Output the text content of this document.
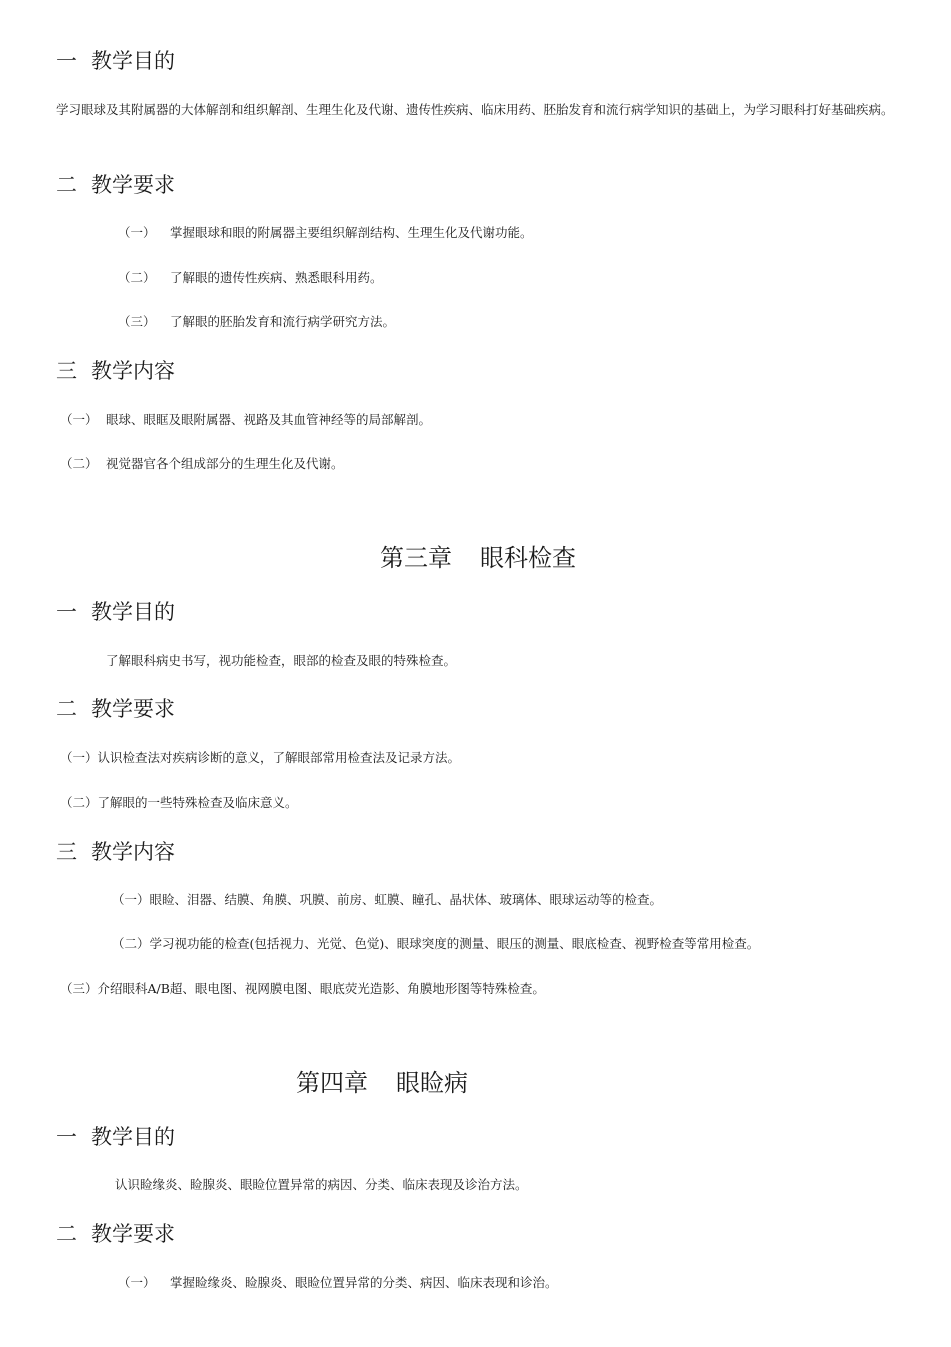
一 教学目的
学习眼球及其附属器的大体解剖和组织解剖、生理生化及代谢、遗传性疾病、临床用药、胚胎发育和流行病学知识的基础上，为学习眼科打好基础疾病。
二 教学要求
（一） 掌握眼球和眼的附属器主要组织解剖结构、生理生化及代谢功能。
（二） 了解眼的遗传性疾病、熟悉眼科用药。
（三） 了解眼的胚胎发育和流行病学研究方法。
三 教学内容
（一） 眼球、眼眶及眼附属器、视路及其血管神经等的局部解剖。
（二） 视觉器官各个组成部分的生理生化及代谢。
第三章 眼科检查
一 教学目的
了解眼科病史书写，视功能检查，眼部的检查及眼的特殊检查。
二 教学要求
（一）认识检查法对疾病诊断的意义，了解眼部常用检查法及记录方法。
（二）了解眼的一些特殊检查及临床意义。
三 教学内容
（一）眼睑、泪器、结膜、角膜、巩膜、前房、虹膜、瞳孔、晶状体、玻璃体、眼球运动等的检查。
（二）学习视功能的检查(包括视力、光觉、色觉)、眼球突度的测量、眼压的测量、眼底检查、视野检查等常用检查。
（三）介绍眼科A/B超、眼电图、视网膜电图、眼底荧光造影、角膜地形图等特殊检查。
第四章 眼睑病
一 教学目的
认识睑缘炎、睑腺炎、眼睑位置异常的病因、分类、临床表现及诊治方法。
二 教学要求
（一） 掌握睑缘炎、睑腺炎、眼睑位置异常的分类、病因、临床表现和诊治。
